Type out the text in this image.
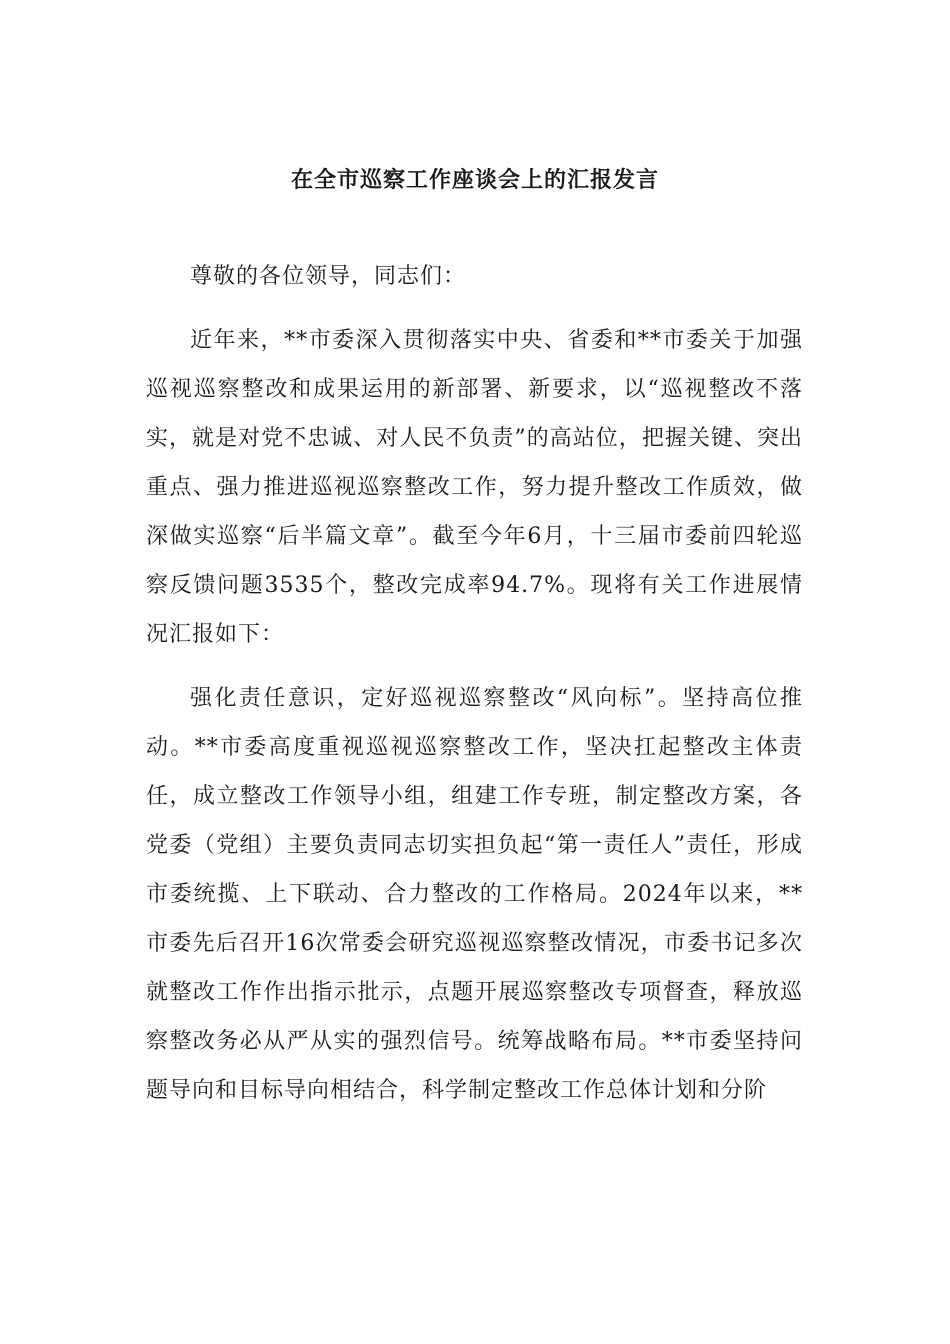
在全市巡察工作座谈会上的汇报发言

尊敬的各位领导，同志们：

近年来，**市委深入贯彻落实中央、省委和**市委关于加强巡视巡察整改和成果运用的新部署、新要求，以“巡视整改不落实，就是对党不忠诚、对人民不负责”的高站位，把握关键、突出重点、强力推进巡视巡察整改工作，努力提升整改工作质效，做深做实巡察“后半篇文章”。截至今年6月，十三届市委前四轮巡察反馈问题3535个，整改完成率94.7%。现将有关工作进展情况汇报如下：

强化责任意识，定好巡视巡察整改“风向标”。坚持高位推动。**市委高度重视巡视巡察整改工作，坚决扛起整改主体责任，成立整改工作领导小组，组建工作专班，制定整改方案，各党委（党组）主要负责同志切实担负起“第一责任人”责任，形成市委统揽、上下联动、合力整改的工作格局。2024年以来，**市委先后召开16次常委会研究巡视巡察整改情况，市委书记多次就整改工作作出指示批示，点题开展巡察整改专项督查，释放巡察整改务必从严从实的强烈信号。统筹战略布局。**市委坚持问题导向和目标导向相结合，科学制定整改工作总体计划和分阶
